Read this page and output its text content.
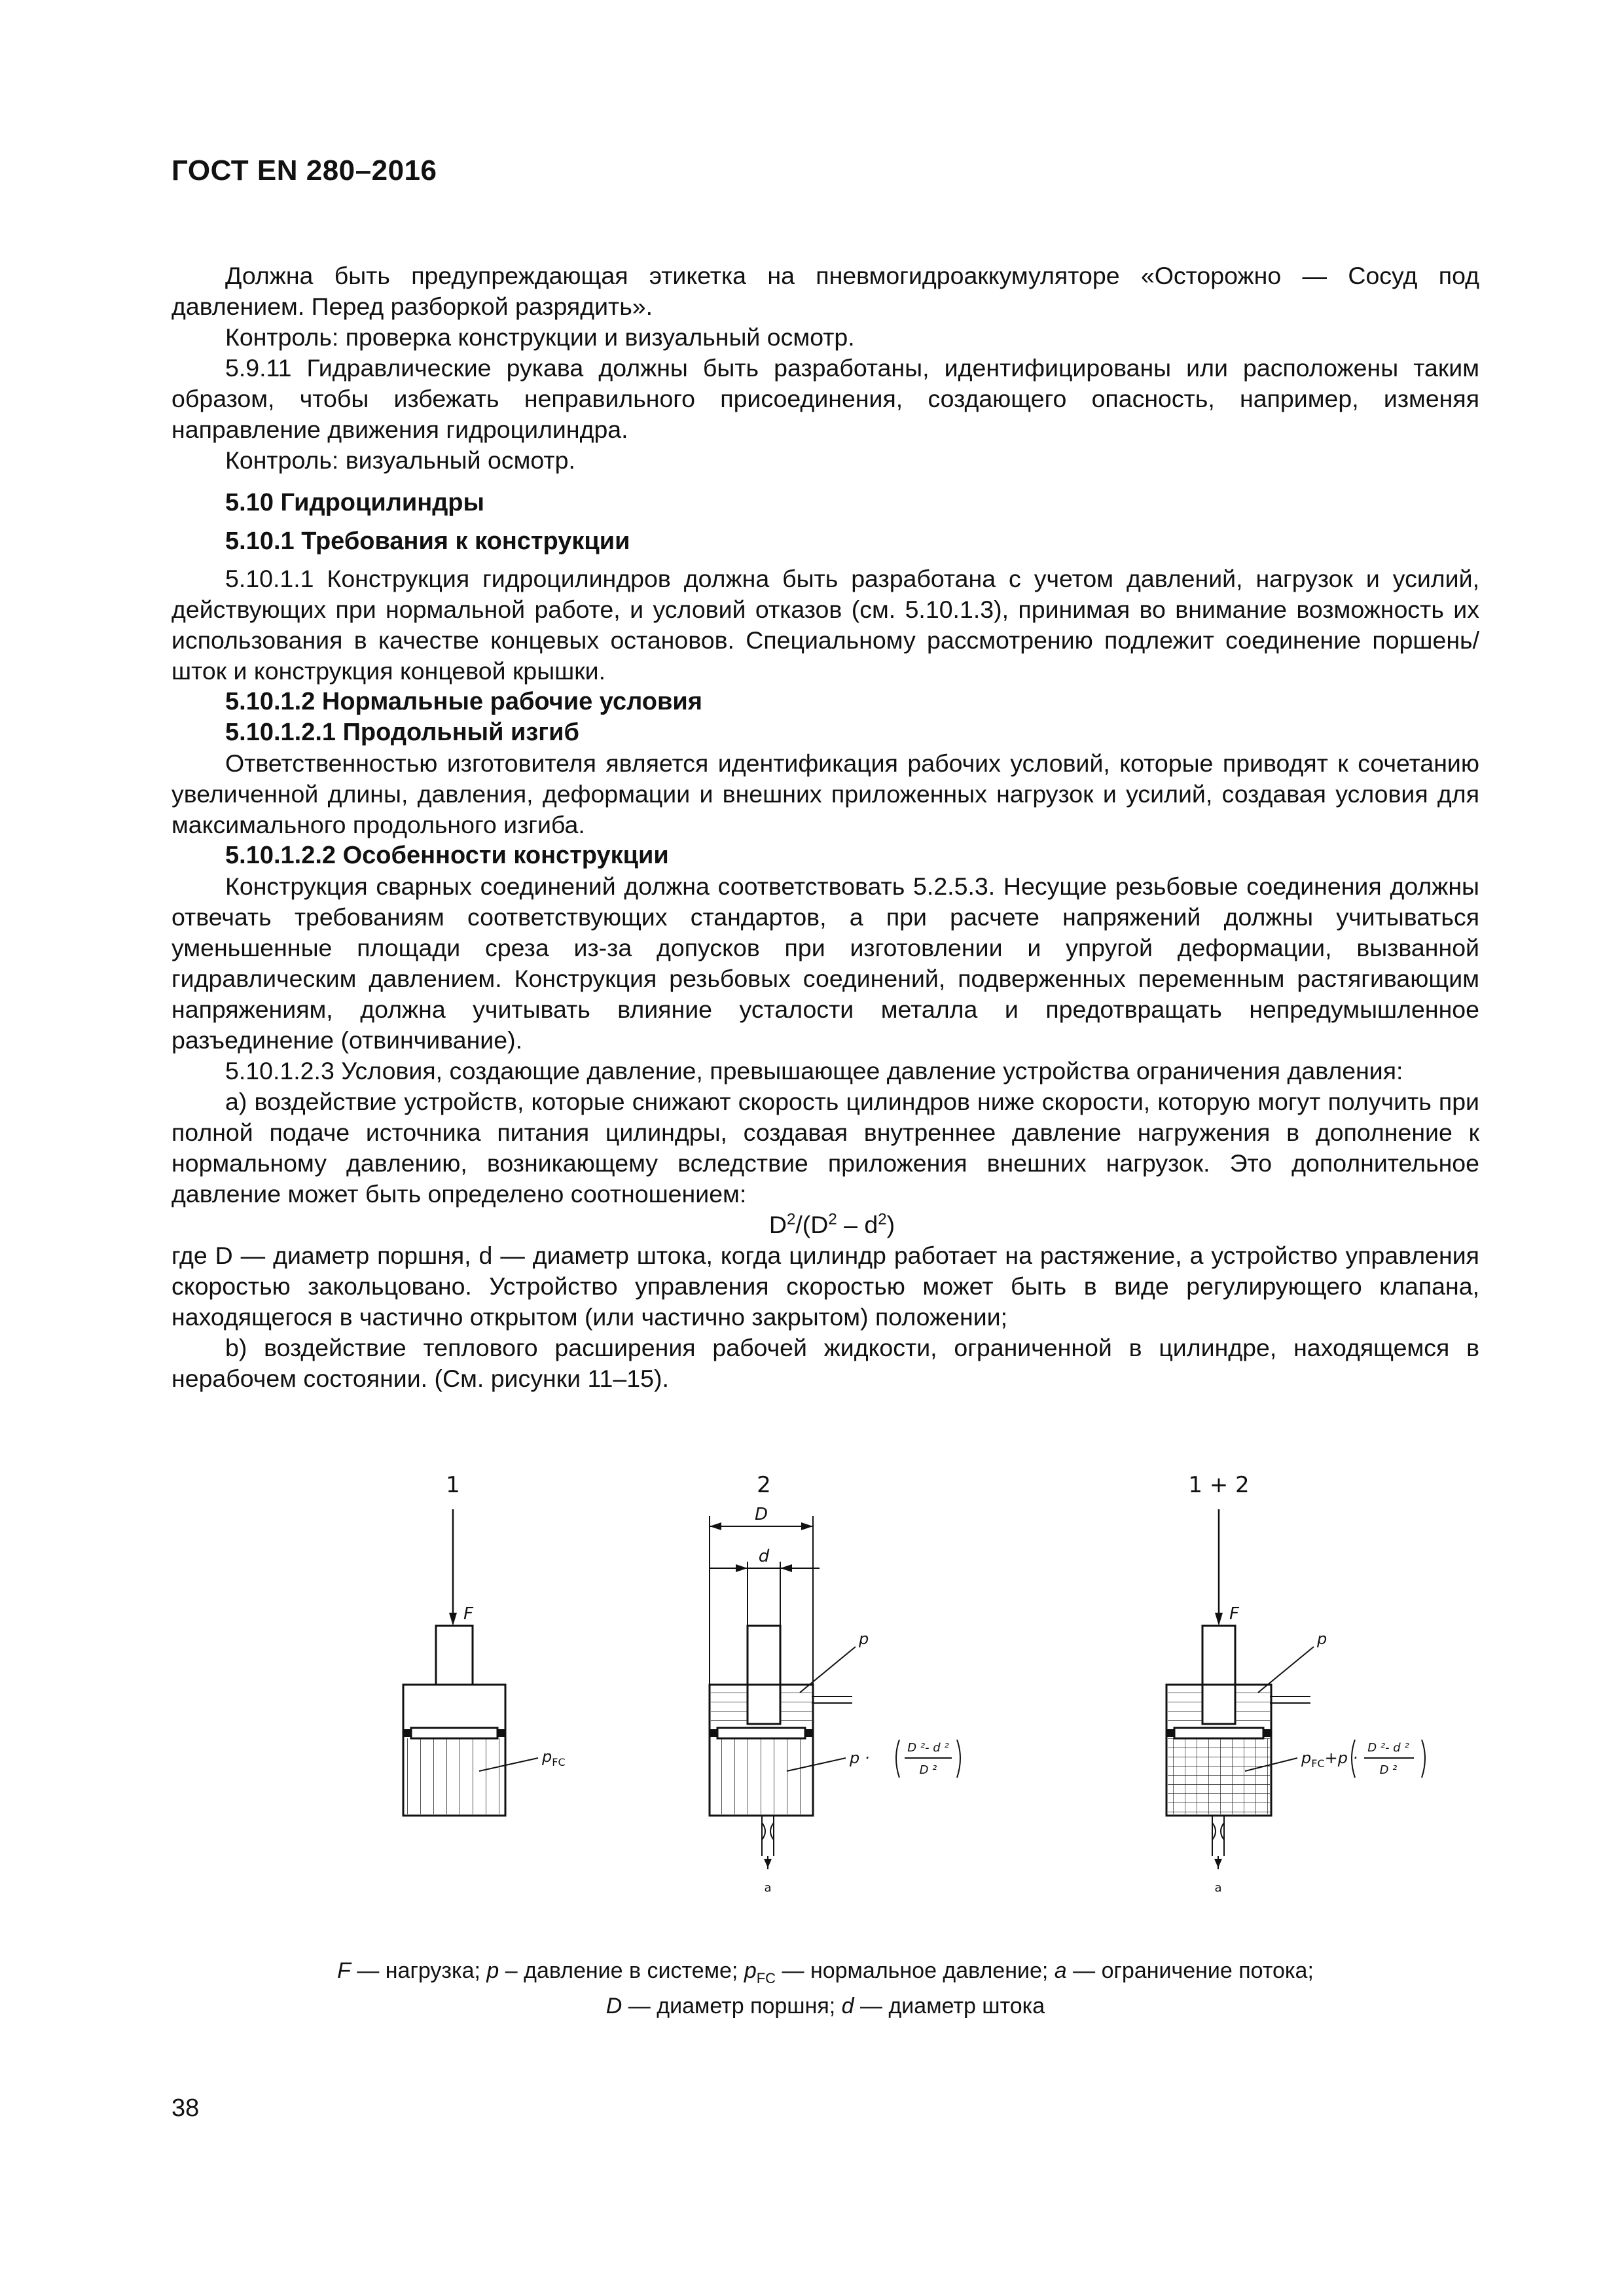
ГОСТ EN 280–2016

Должна быть предупреждающая этикетка на пневмогидроаккумуляторе «Осторожно — Сосуд под давлением. Перед разборкой разрядить».

Контроль: проверка конструкции и визуальный осмотр.

5.9.11 Гидравлические рукава должны быть разработаны, идентифицированы или расположены таким образом, чтобы избежать неправильного присоединения, создающего опасность, например, изменяя направление движения гидроцилиндра.

Контроль: визуальный осмотр.

5.10 Гидроцилиндры

5.10.1 Требования к конструкции

5.10.1.1 Конструкция гидроцилиндров должна быть разработана с учетом давлений, нагрузок и усилий, действующих при нормальной работе, и условий отказов (см. 5.10.1.3), принимая во внимание возможность их использования в качестве концевых остановов. Специальному рассмотрению подлежит соединение поршень/шток и конструкция концевой крышки.

5.10.1.2 Нормальные рабочие условия

5.10.1.2.1 Продольный изгиб

Ответственностью изготовителя является идентификация рабочих условий, которые приводят к сочетанию увеличенной длины, давления, деформации и внешних приложенных нагрузок и усилий, создавая условия для максимального продольного изгиба.

5.10.1.2.2 Особенности конструкции

Конструкция сварных соединений должна соответствовать 5.2.5.3. Несущие резьбовые соединения должны отвечать требованиям соответствующих стандартов, а при расчете напряжений должны учитываться уменьшенные площади среза из-за допусков при изготовлении и упругой деформации, вызванной гидравлическим давлением. Конструкция резьбовых соединений, подверженных переменным растягивающим напряжениям, должна учитывать влияние усталости металла и предотвращать непредумышленное разъединение (отвинчивание).

5.10.1.2.3 Условия, создающие давление, превышающее давление устройства ограничения давления:

a) воздействие устройств, которые снижают скорость цилиндров ниже скорости, которую могут получить при полной подаче источника питания цилиндры, создавая внутреннее давление нагружения в дополнение к нормальному давлению, возникающему вследствие приложения внешних нагрузок. Это дополнительное давление может быть определено соотношением:

$D^2/(D^2 - d^2)$

где D — диаметр поршня, d — диаметр штока, когда цилиндр работает на растяжение, а устройство управления скоростью закольцовано. Устройство управления скоростью может быть в виде регулирующего клапана, находящегося в частично открытом (или частично закрытом) положении;

b) воздействие теплового расширения рабочей жидкости, ограниченной в цилиндре, находящемся в нерабочем состоянии. (См. рисунки 11–15).

1	2	1 + 2
F	F
D
d
p	p
$p_{FC}$	p ·
D ²- d ²
D ²
$p_{FC}+p$ ·
D ²- d ²
D ²
a	a
F — нагрузка; p – давление в системе; $p_{FC}$ — нормальное давление; a — ограничение потока;
D — диаметр поршня; d — диаметр штока
38
